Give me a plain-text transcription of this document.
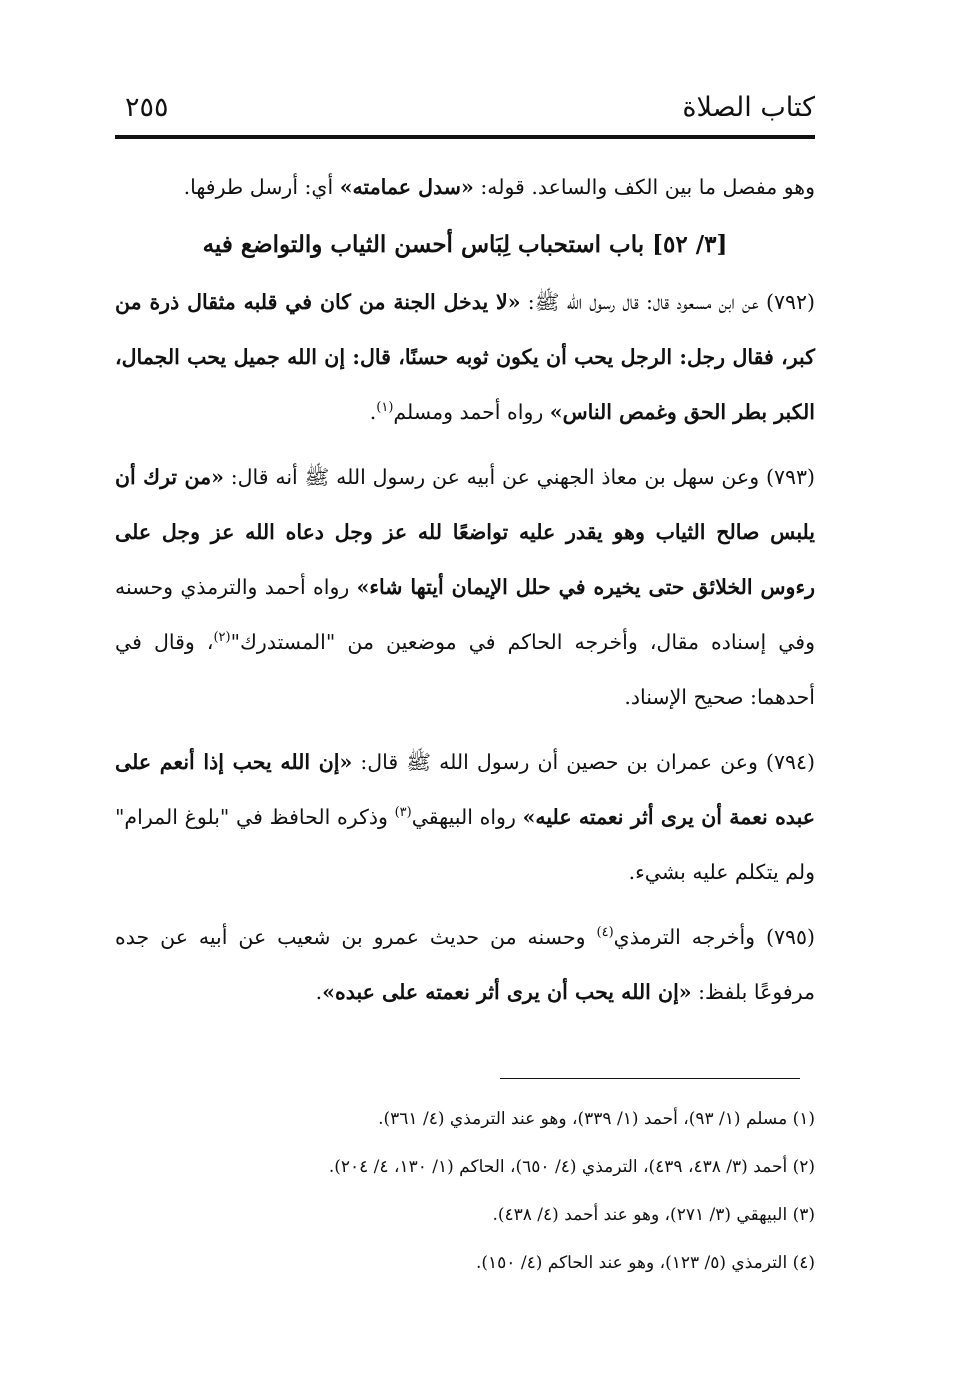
كتاب الصلاة
٢٥٥

وهو مفصل ما بين الكف والساعد. قوله: «سدل عمامته» أي: أرسل طرفها.

[٣/ ٥٢] باب استحباب لِبَاس أحسن الثياب والتواضع فيه

(٧٩٢) عن ابن مسعود قال: قال رسول الله ﷺ: «لا يدخل الجنة من كان في قلبه مثقال ذرة من كبر، فقال رجل: الرجل يحب أن يكون ثوبه حسنًا، قال: إن الله جميل يحب الجمال، الكبر بطر الحق وغمص الناس» رواه أحمد ومسلم$^{(١)}$.

(٧٩٣) وعن سهل بن معاذ الجهني عن أبيه عن رسول الله ﷺ أنه قال: «من ترك أن يلبس صالح الثياب وهو يقدر عليه تواضعًا لله عز وجل دعاه الله عز وجل على رءوس الخلائق حتى يخيره في حلل الإيمان أيتها شاء» رواه أحمد والترمذي وحسنه وفي إسناده مقال، وأخرجه الحاكم في موضعين من "المستدرك"$^{(٢)}$، وقال في أحدهما: صحيح الإسناد.

(٧٩٤) وعن عمران بن حصين أن رسول الله ﷺ قال: «إن الله يحب إذا أنعم على عبده نعمة أن يرى أثر نعمته عليه» رواه البيهقي$^{(٣)}$ وذكره الحافظ في "بلوغ المرام" ولم يتكلم عليه بشيء.

(٧٩٥) وأخرجه الترمذي$^{(٤)}$ وحسنه من حديث عمرو بن شعيب عن أبيه عن جده مرفوعًا بلفظ: «إن الله يحب أن يرى أثر نعمته على عبده».

(١) مسلم (١/ ٩٣)، أحمد (١/ ٣٣٩)، وهو عند الترمذي (٤/ ٣٦١).

(٢) أحمد (٣/ ٤٣٨، ٤٣٩)، الترمذي (٤/ ٦٥٠)، الحاكم (١/ ١٣٠، ٤/ ٢٠٤).

(٣) البيهقي (٣/ ٢٧١)، وهو عند أحمد (٤/ ٤٣٨).

(٤) الترمذي (٥/ ١٢٣)، وهو عند الحاكم (٤/ ١٥٠).
